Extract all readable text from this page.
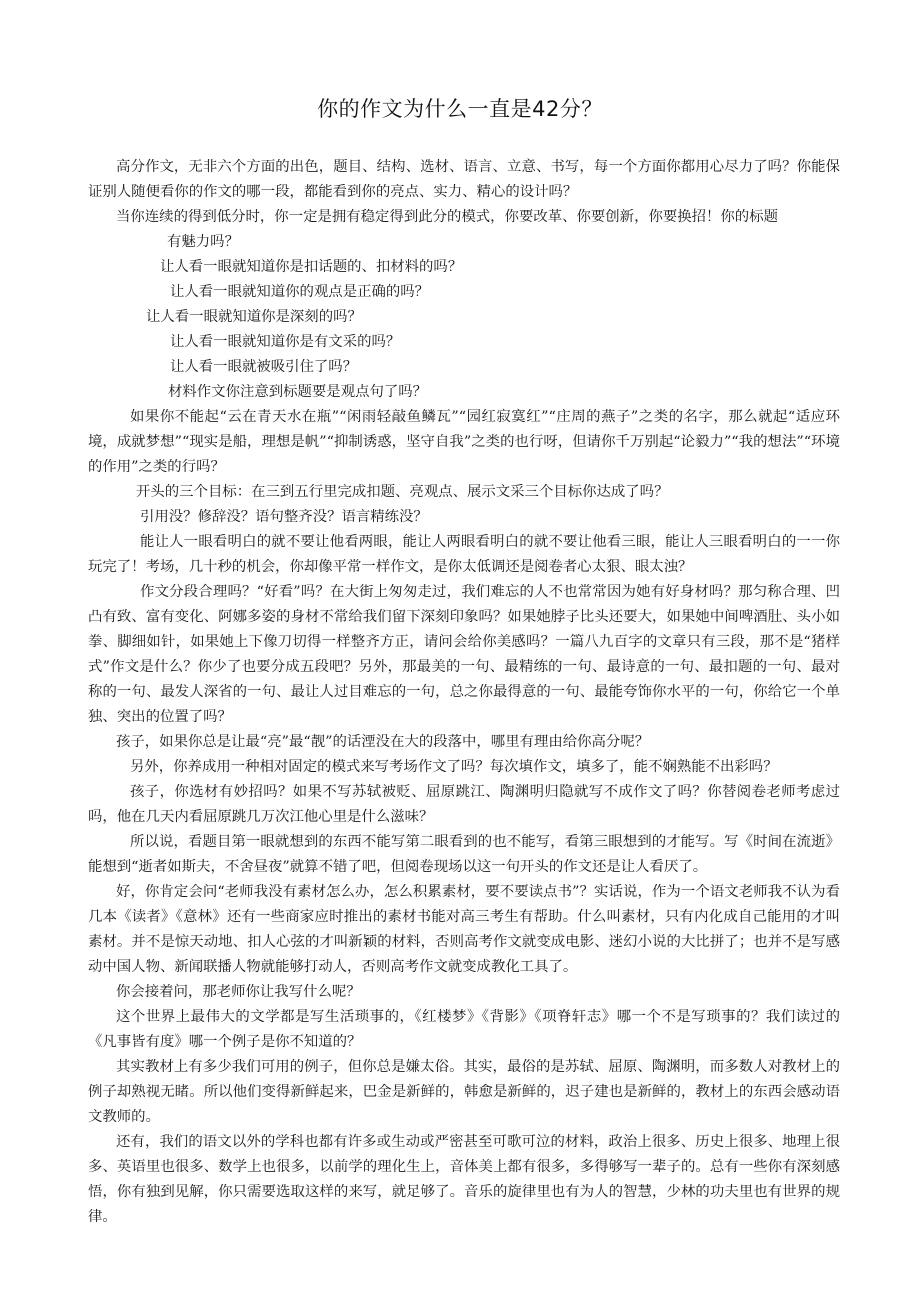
你的作文为什么一直是42分？

高分作文，无非六个方面的出色，题目、结构、选材、语言、立意、书写，每一个方面你都用心尽力了吗？你能保证别人随便看你的作文的哪一段，都能看到你的亮点、实力、精心的设计吗？

当你连续的得到低分时，你一定是拥有稳定得到此分的模式，你要改革、你要创新，你要换招！你的标题
有魅力吗？

让人看一眼就知道你是扣话题的、扣材料的吗？

让人看一眼就知道你的观点是正确的吗？

让人看一眼就知道你是深刻的吗？

让人看一眼就知道你是有文采的吗？

让人看一眼就被吸引住了吗？

材料作文你注意到标题要是观点句了吗？

如果你不能起“云在青天水在瓶”“闲雨轻敲鱼鳞瓦”“园红寂寞红”“庄周的燕子”之类的名字，那么就起“适应环境，成就梦想”“现实是船，理想是帆”“抑制诱惑，坚守自我”之类的也行呀，但请你千万别起“论毅力”“我的想法”“环境的作用”之类的行吗？

开头的三个目标：在三到五行里完成扣题、亮观点、展示文采三个目标你达成了吗？

引用没？修辞没？语句整齐没？语言精练没？

能让人一眼看明白的就不要让他看两眼，能让人两眼看明白的就不要让他看三眼，能让人三眼看明白的一一你玩完了！考场，几十秒的机会，你却像平常一样作文，是你太低调还是阅卷者心太狠、眼太浊？

作文分段合理吗？“好看”吗？在大街上匆匆走过，我们难忘的人不也常常因为她有好身材吗？那匀称合理、凹凸有致、富有变化、阿娜多姿的身材不常给我们留下深刻印象吗？如果她脖子比头还要大，如果她中间啤酒肚、头小如拳、脚细如针，如果她上下像刀切得一样整齐方正，请问会给你美感吗？一篇八九百字的文章只有三段，那不是“猪样式”作文是什么？你少了也要分成五段吧？另外，那最美的一句、最精练的一句、最诗意的一句、最扣题的一句、最对称的一句、最发人深省的一句、最让人过目难忘的一句，总之你最得意的一句、最能夸饰你水平的一句，你给它一个单独、突出的位置了吗？

孩子，如果你总是让最“亮”最“靓”的话湮没在大的段落中，哪里有理由给你高分呢？

另外，你养成用一种相对固定的模式来写考场作文了吗？每次填作文，填多了，能不娴熟能不出彩吗？

孩子，你选材有妙招吗？如果不写苏轼被贬、屈原跳江、陶渊明归隐就写不成作文了吗？你替阅卷老师考虑过吗，他在几天内看屈原跳几万次江他心里是什么滋味？

所以说，看题目第一眼就想到的东西不能写第二眼看到的也不能写，看第三眼想到的才能写。写《时间在流逝》能想到“逝者如斯夫，不舍昼夜”就算不错了吧，但阅卷现场以这一句开头的作文还是让人看厌了。

好，你肯定会问“老师我没有素材怎么办，怎么积累素材，要不要读点书”？实话说，作为一个语文老师我不认为看几本《读者》《意林》还有一些商家应时推出的素材书能对高三考生有帮助。什么叫素材，只有内化成自己能用的才叫素材。并不是惊天动地、扣人心弦的才叫新颖的材料，否则高考作文就变成电影、迷幻小说的大比拼了；也并不是写感动中国人物、新闻联播人物就能够打动人，否则高考作文就变成教化工具了。

你会接着问，那老师你让我写什么呢？

这个世界上最伟大的文学都是写生活琐事的，《红楼梦》《背影》《项脊轩志》哪一个不是写琐事的？我们读过的《凡事皆有度》哪一个例子是你不知道的？

其实教材上有多少我们可用的例子，但你总是嫌太俗。其实，最俗的是苏轼、屈原、陶渊明，而多数人对教材上的例子却熟视无睹。所以他们变得新鲜起来，巴金是新鲜的，韩愈是新鲜的，迟子建也是新鲜的，教材上的东西会感动语文教师的。

还有，我们的语文以外的学科也都有许多或生动或严密甚至可歌可泣的材料，政治上很多、历史上很多、地理上很多、英语里也很多、数学上也很多，以前学的理化生上，音体美上都有很多，多得够写一辈子的。总有一些你有深刻感悟，你有独到见解，你只需要选取这样的来写，就足够了。音乐的旋律里也有为人的智慧，少林的功夫里也有世界的规律。
